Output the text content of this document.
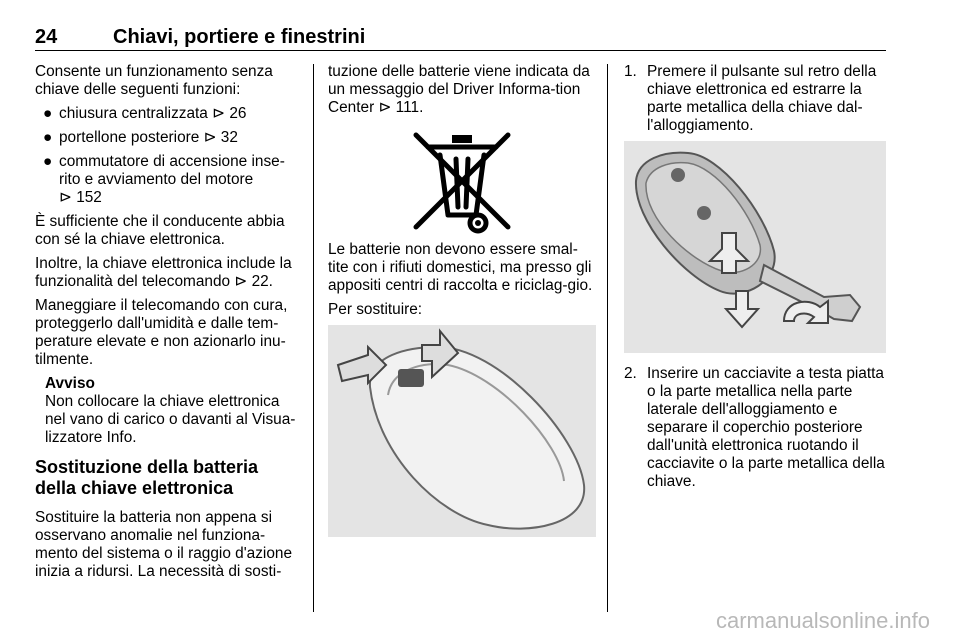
24	Chiavi, portiere e finestrini

Consente un funzionamento senza chiave delle seguenti funzioni:

● chiusura centralizzata ⊳ 26
● portellone posteriore ⊳ 32
● commutatore di accensione inse-rito e avviamento del motore
⊳ 152

È sufficiente che il conducente abbia con sé la chiave elettronica.

Inoltre, la chiave elettronica include la funzionalità del telecomando ⊳ 22.

Maneggiare il telecomando con cura, proteggerlo dall'umidità e dalle tem-perature elevate e non azionarlo inu-tilmente.

Avviso
Non collocare la chiave elettronica nel vano di carico o davanti al Visua-lizzatore Info.
Sostituzione della batteria della chiave elettronica

Sostituire la batteria non appena si osservano anomalie nel funziona-mento del sistema o il raggio d'azione inizia a ridursi. La necessità di sosti-

tuzione delle batterie viene indicata da un messaggio del Driver Informa-tion Center ⊳ 111.

Le batterie non devono essere smal-tite con i rifiuti domestici, ma presso gli appositi centri di raccolta e riciclag-gio.

Per sostituire:

1. Premere il pulsante sul retro della chiave elettronica ed estrarre la parte metallica della chiave dal-l'alloggiamento.
2. Inserire un cacciavite a testa piatta o la parte metallica nella parte laterale dell'alloggiamento e separare il coperchio posteriore dall'unità elettronica ruotando il cacciavite o la parte metallica della chiave.
carmanualsonline.info
